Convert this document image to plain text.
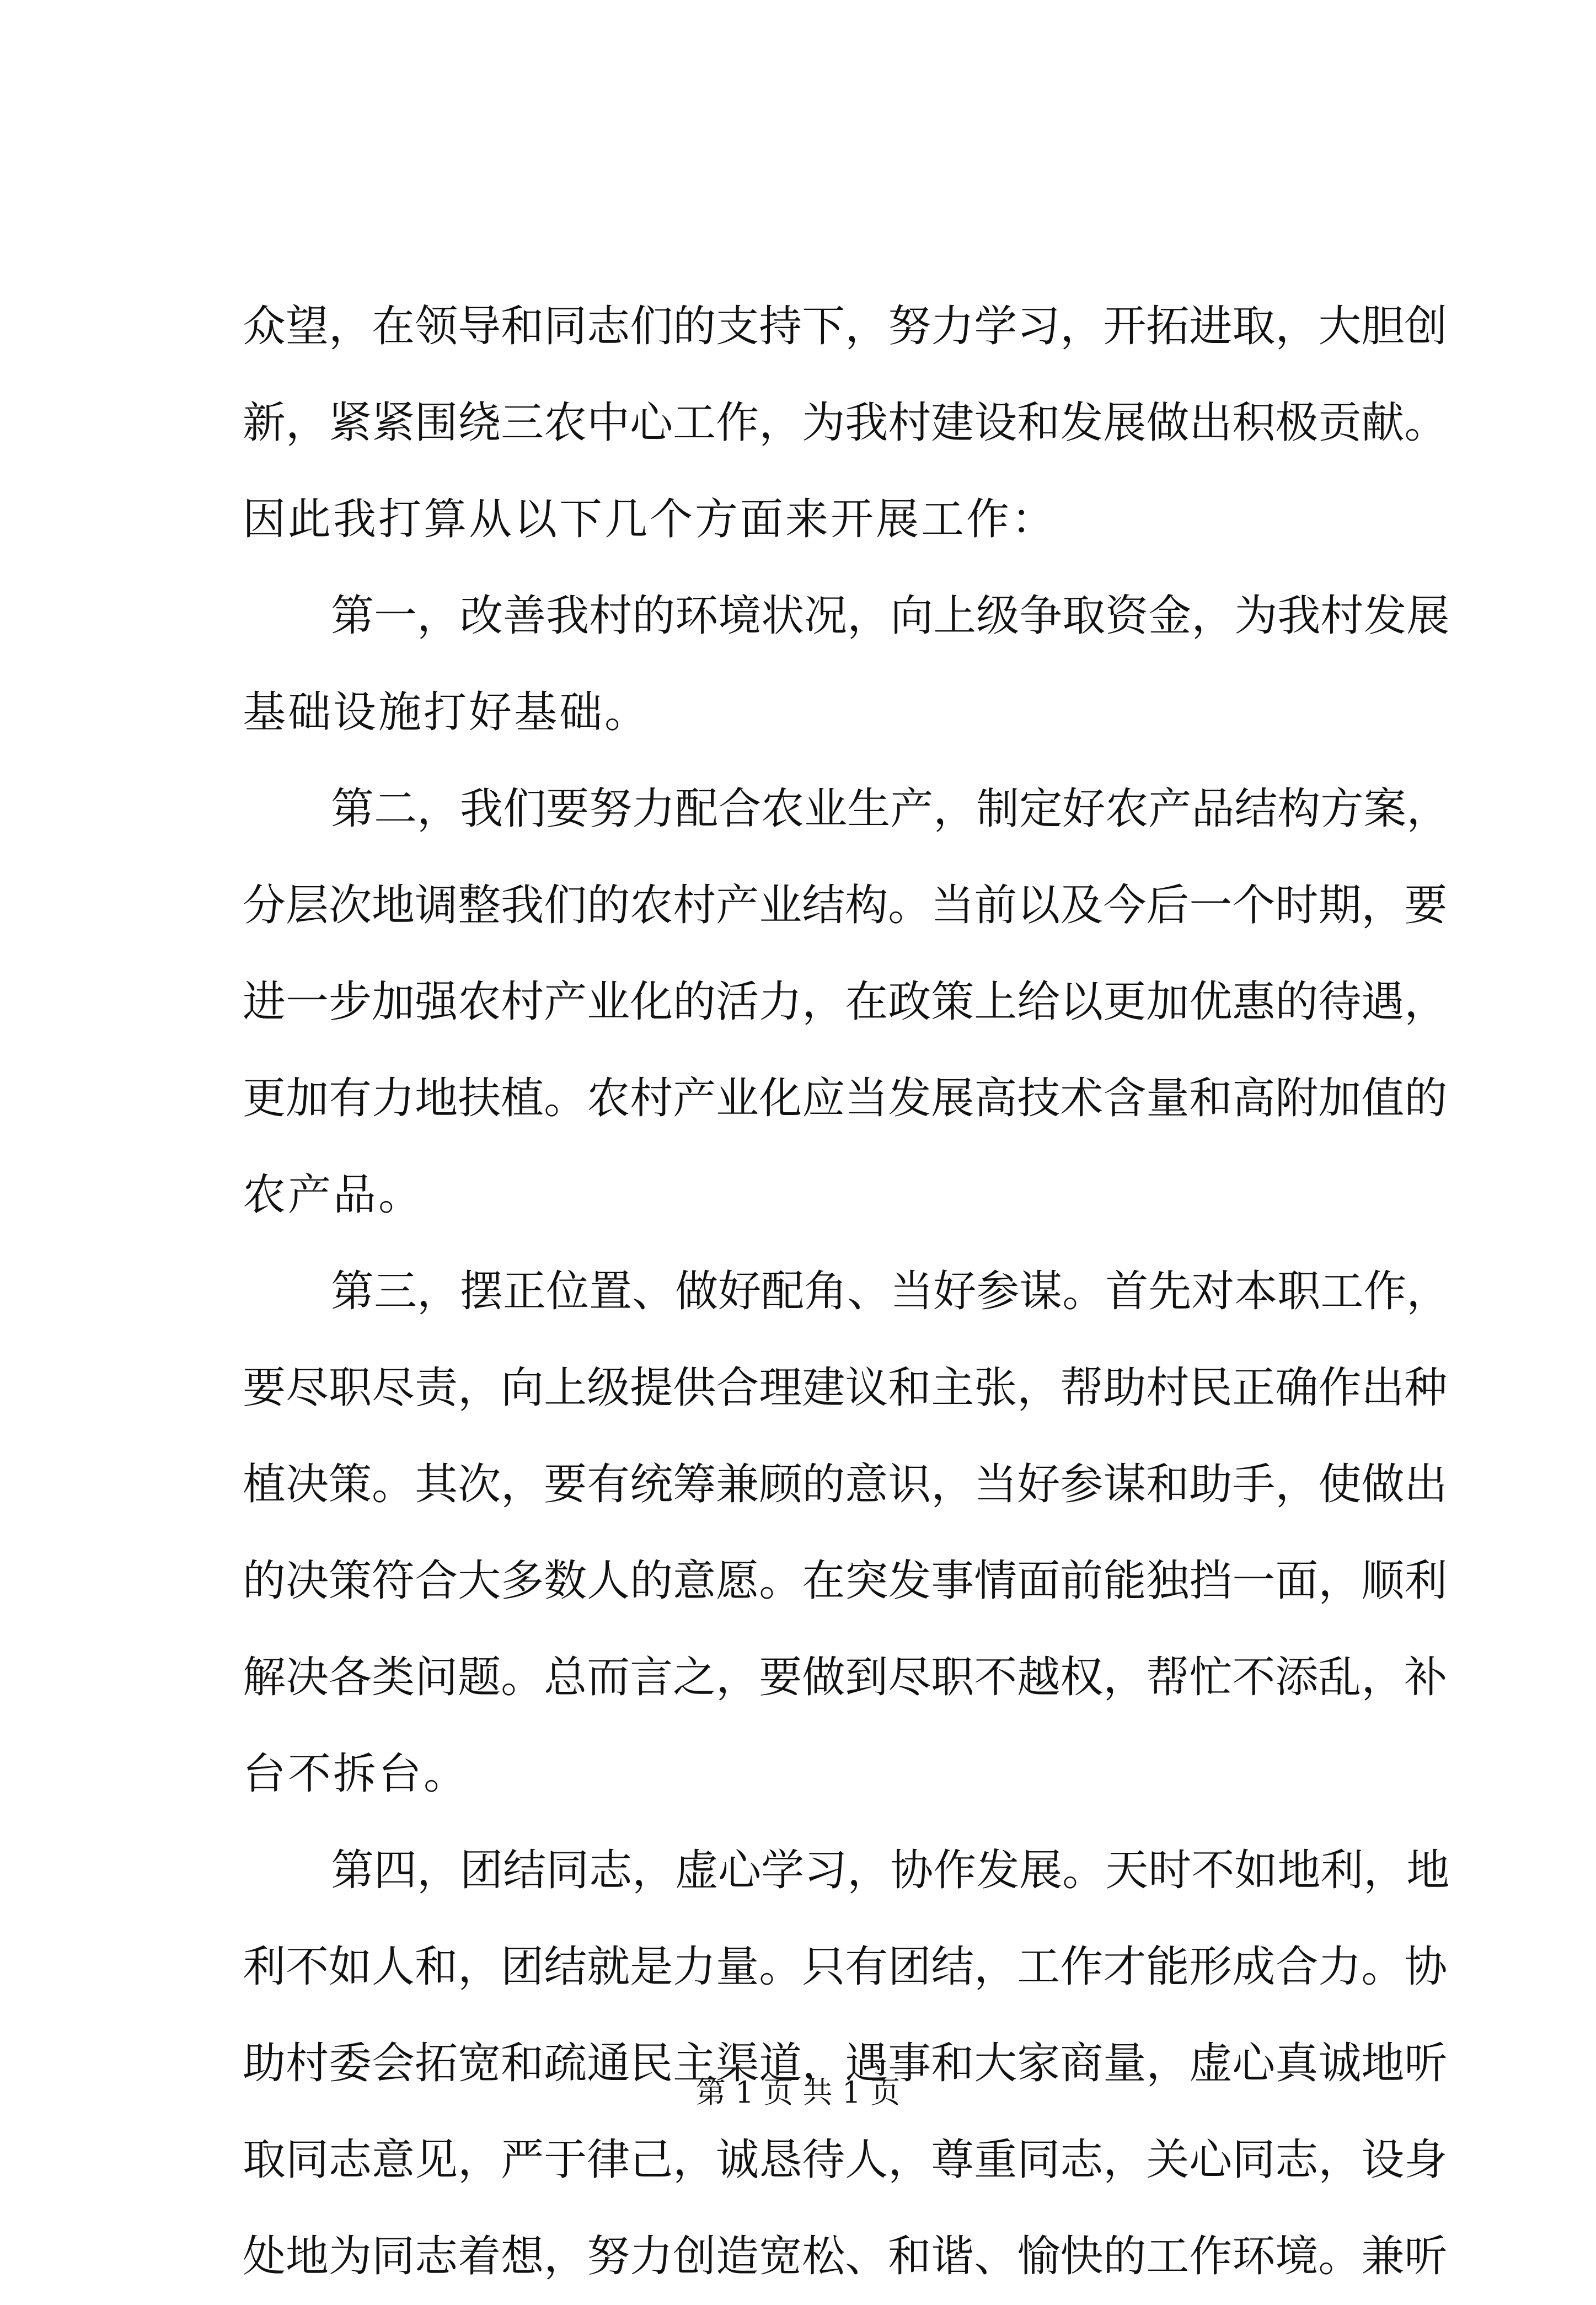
众 望 ， 在 领 导 和 同 志 们 的 支 持 下 ， 努 力 学 习 ， 开 拓 进 取 ， 大 胆 创
新 ， 紧 紧 围 绕 三 农 中 心 工 作 ， 为 我 村 建 设 和 发 展 做 出 积 极 贡 献 。
因此我打算从以下几个方面来开展工作：
第 一 ， 改 善 我 村 的 环 境 状 况 ， 向 上 级 争 取 资 金 ， 为 我 村 发 展
基础设施打好基础。
第 二 ， 我 们 要 努 力 配 合 农 业 生 产 ， 制 定 好 农 产 品 结 构 方 案 ，
分 层 次 地 调 整 我 们 的 农 村 产 业 结 构 。 当 前 以 及 今 后 一 个 时 期 ， 要
进 一 步 加 强 农 村 产 业 化 的 活 力 ， 在 政 策 上 给 以 更 加 优 惠 的 待 遇 ，
更 加 有 力 地 扶 植 。 农 村 产 业 化 应 当 发 展 高 技 术 含 量 和 高 附 加 值 的
农产品。
第 三 ， 摆 正 位 置 、 做 好 配 角 、 当 好 参 谋 。 首 先 对 本 职 工 作 ，
要 尽 职 尽 责 ， 向 上 级 提 供 合 理 建 议 和 主 张 ， 帮 助 村 民 正 确 作 出 种
植 决 策 。 其 次 ， 要 有 统 筹 兼 顾 的 意 识 ， 当 好 参 谋 和 助 手 ， 使 做 出
的 决 策 符 合 大 多 数 人 的 意 愿 。 在 突 发 事 情 面 前 能 独 挡 一 面 ， 顺 利
解 决 各 类 问 题 。 总 而 言 之 ， 要 做 到 尽 职 不 越 权 ， 帮 忙 不 添 乱 ， 补
台不拆台。
第 四 ， 团 结 同 志 ， 虚 心 学 习 ， 协 作 发 展 。 天 时 不 如 地 利 ， 地
利 不 如 人 和 ， 团 结 就 是 力 量 。 只 有 团 结 ， 工 作 才 能 形 成 合 力 。 协
助 村 委 会 拓 宽 和 疏 通 民 主 渠 道 ， 遇 事 和 大 家 商 量 ， 虚 心 真 诚 地 听
取 同 志 意 见 ， 严 于 律 己 ， 诚 恳 待 人 ， 尊 重 同 志 ， 关 心 同 志 ， 设 身
处 地 为 同 志 着 想 ， 努 力 创 造 宽 松 、 和 谐 、 愉 快 的 工 作 环 境 。 兼 听
第 1 页 共 1 页
